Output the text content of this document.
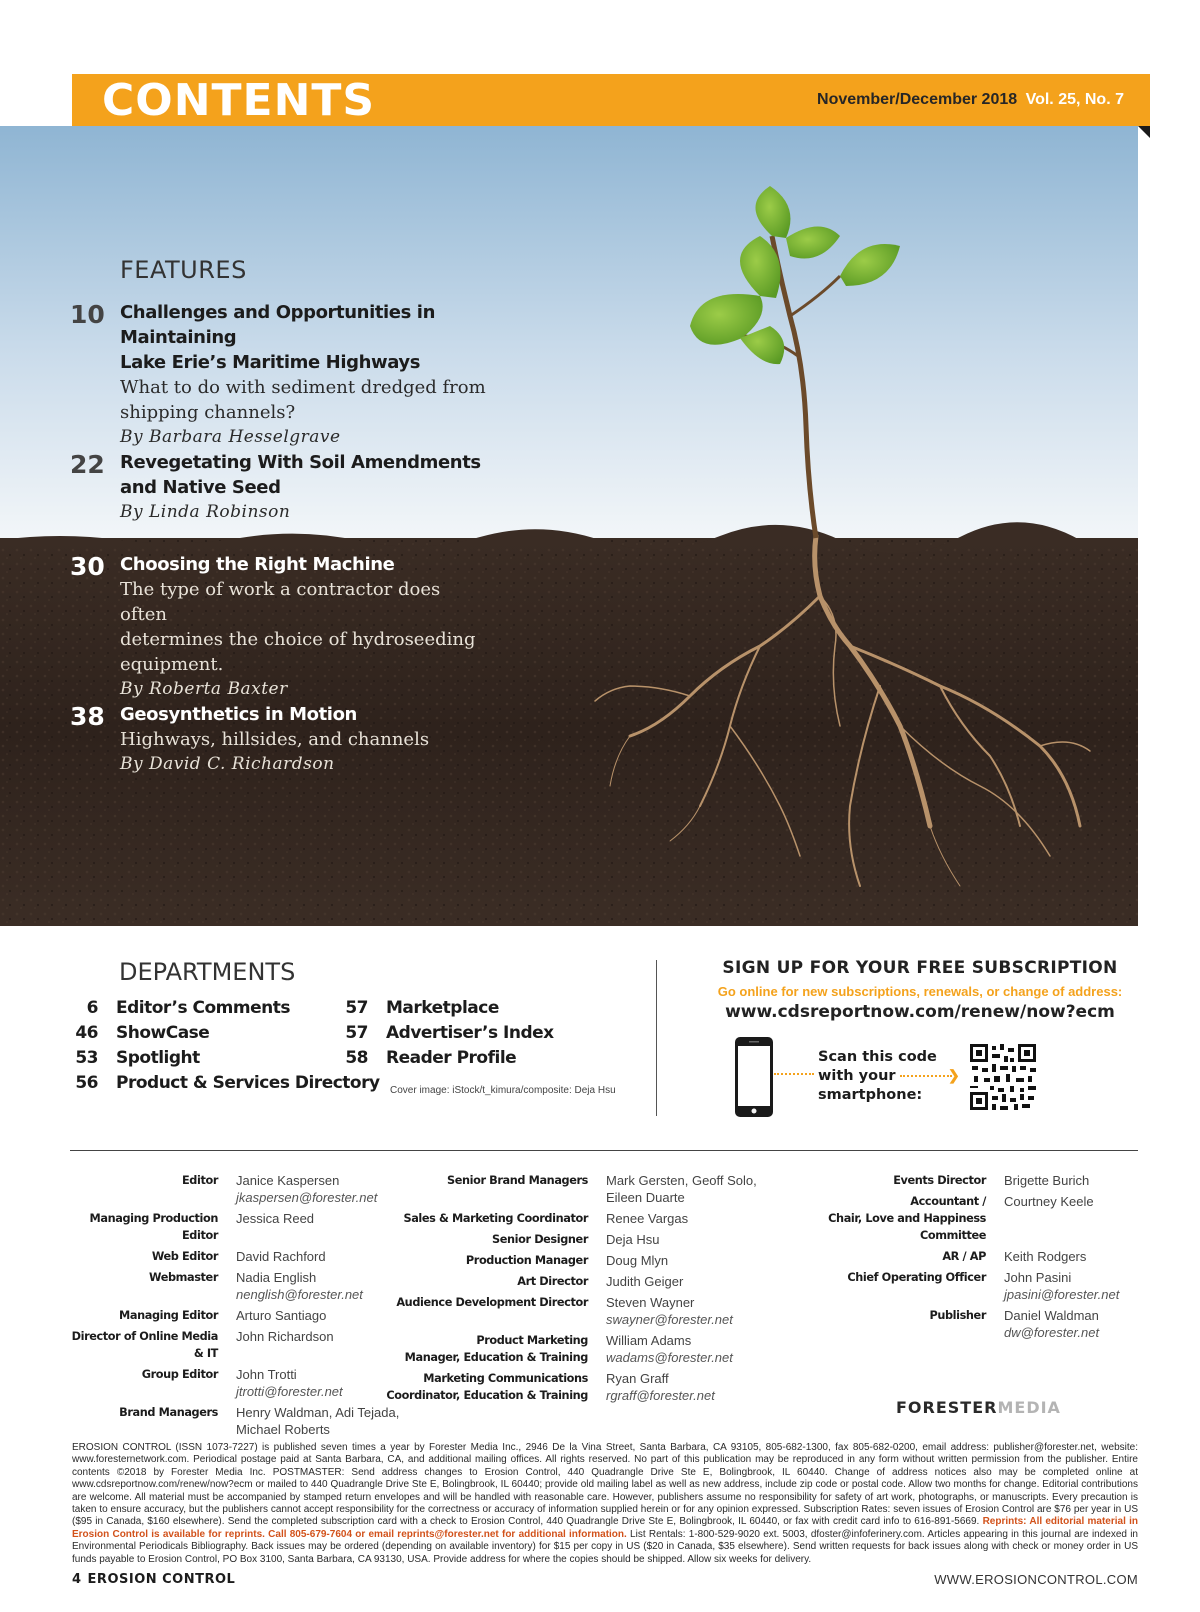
CONTENTS	November/December 2018 Vol. 25, No. 7
FEATURES
10 Challenges and Opportunities in Maintaining
Lake Erie’s Maritime Highways
What to do with sediment dredged from
shipping channels?
By Barbara Hesselgrave
22 Revegetating With Soil Amendments
and Native Seed
By Linda Robinson
30 Choosing the Right Machine
The type of work a contractor does often
determines the choice of hydroseeding
equipment.
By Roberta Baxter
38 Geosynthetics in Motion
Highways, hillsides, and channels
By David C. Richardson
DEPARTMENTS
6 Editor’s Comments
46 ShowCase
53 Spotlight
56 Product & Services Directory
57 Marketplace
57 Advertiser’s Index
58 Reader Profile
Cover image: iStock/t_kimura/composite: Deja Hsu
SIGN UP FOR YOUR FREE SUBSCRIPTION
Go online for new subscriptions, renewals, or change of address:
www.cdsreportnow.com/renew/now?ecm
Scan this code
with your
smartphone:
❯
Editor Janice Kaspersen
jkaspersen@forester.net
Managing Production Editor
Jessica Reed
Web Editor David Rachford
Webmaster Nadia English
nenglish@forester.net
Managing Editor Arturo Santiago
Director of Online Media & IT
John Richardson
Group Editor John Trotti
jtrotti@forester.net
Brand Managers Henry Waldman, Adi Tejada,
Michael Roberts
Senior Brand Managers Mark Gersten, Geoff Solo,
Eileen Duarte
Sales & Marketing Coordinator Renee Vargas
Senior Designer Deja Hsu
Production Manager Doug Mlyn
Art Director Judith Geiger
Audience Development Director Steven Wayner
swayner@forester.net
Product Marketing
Manager, Education & Training
William Adams
wadams@forester.net
Marketing Communications
Coordinator, Education & Training
Ryan Graff
rgraff@forester.net
Events Director Brigette Burich
Accountant /
Chair, Love and Happiness Committee
Courtney Keele
AR / AP Keith Rodgers
Chief Operating Officer John Pasini
jpasini@forester.net
Publisher Daniel Waldman
dw@forester.net
FORESTERMEDIA
EROSION CONTROL (ISSN 1073-7227) is published seven times a year by Forester Media Inc., 2946 De la Vina Street, Santa Barbara, CA 93105, 805-682-1300, fax 805-682-0200, email address: publisher@forester.net, website: www.foresternetwork.com. Periodical postage paid at Santa Barbara, CA, and additional mailing offices. All rights reserved. No part of this publication may be reproduced in any form without written permission from the publisher. Entire contents ©2018 by Forester Media Inc. POSTMASTER: Send address changes to Erosion Control, 440 Quadrangle Drive Ste E, Bolingbrook, IL 60440. Change of address notices also may be completed online at www.cdsreportnow.com/renew/now?ecm or mailed to 440 Quadrangle Drive Ste E, Bolingbrook, IL 60440; provide old mailing label as well as new address, include zip code or postal code. Allow two months for change. Editorial contributions are welcome. All material must be accompanied by stamped return envelopes and will be handled with reasonable care. However, publishers assume no responsibility for safety of art work, photographs, or manuscripts. Every precaution is taken to ensure accuracy, but the publishers cannot accept responsibility for the correctness or accuracy of information supplied herein or for any opinion expressed. Subscription Rates: seven issues of Erosion Control are $76 per year in US ($95 in Canada, $160 elsewhere). Send the completed subscription card with a check to Erosion Control, 440 Quadrangle Drive Ste E, Bolingbrook, IL 60440, or fax with credit card info to 616-891-5669. Reprints: All editorial material in Erosion Control is available for reprints. Call 805-679-7604 or email reprints@forester.net for additional information. List Rentals: 1-800-529-9020 ext. 5003, dfoster@infoferinery.com. Articles appearing in this journal are indexed in Environmental Periodicals Bibliography. Back issues may be ordered (depending on available inventory) for $15 per copy in US ($20 in Canada, $35 elsewhere). Send written requests for back issues along with check or money order in US funds payable to Erosion Control, PO Box 3100, Santa Barbara, CA 93130, USA. Provide address for where the copies should be shipped. Allow six weeks for delivery.
4 EROSION CONTROL	WWW.EROSIONCONTROL.COM
